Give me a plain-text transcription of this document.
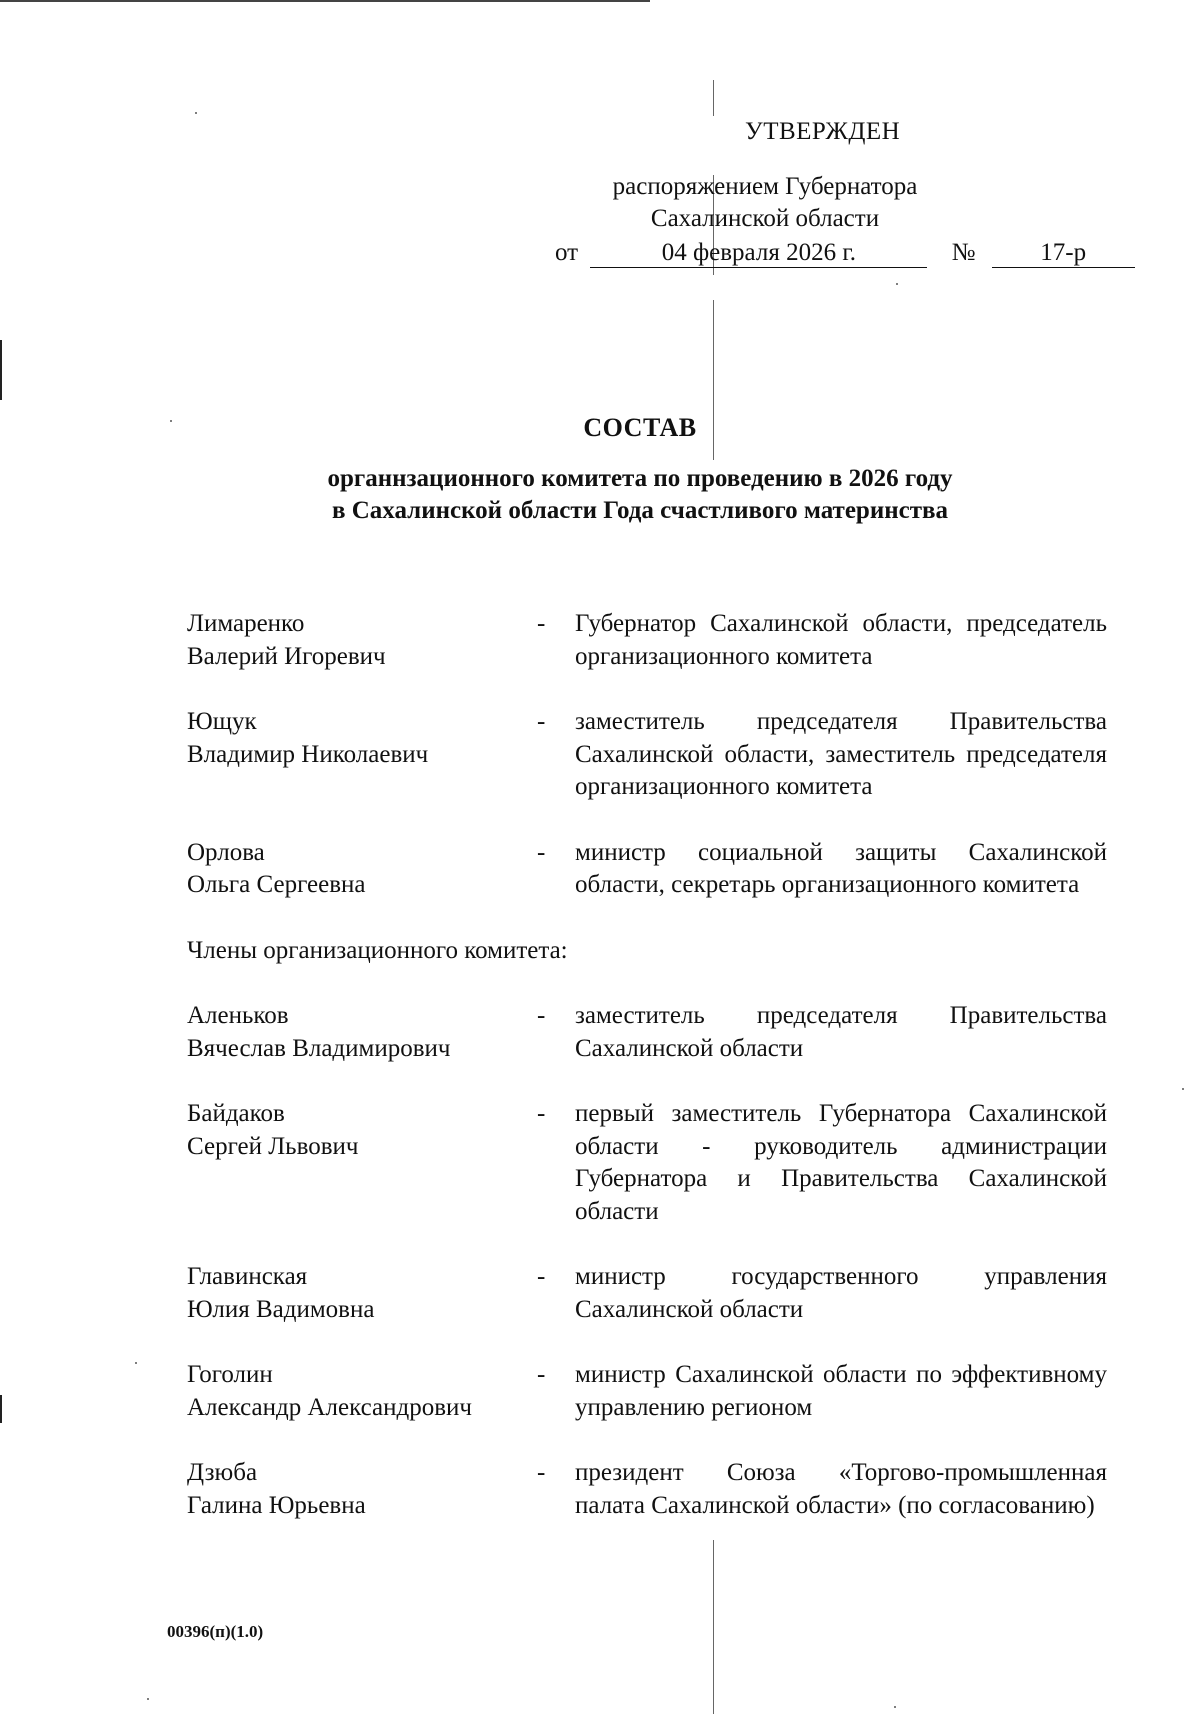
УТВЕРЖДЕН
распоряжением Губернатора
Сахалинской области
от	04 февраля 2026 г.	№	17-р
СОСТАВ
органнзационного комитета по проведению в 2026 году в Сахалинской области Года счастливого материнства
Лимаренко
Валерий Игоревич
-	Губернатор Сахалинской области, председатель организационного комитета
Ющук
Владимир Николаевич
-	заместитель председателя Правительства Сахалинской области, заместитель председателя организационного комитета
Орлова
Ольга Сергеевна
-	министр социальной защиты Сахалинской области, секретарь организационного комитета
Члены организационного комитета:
Аленьков
Вячеслав Владимирович
-	заместитель председателя Правительства Сахалинской области
Байдаков
Сергей Львович
-	первый заместитель Губернатора Сахалинской области - руководитель администрации Губернатора и Правительства Сахалинской области
Главинская
Юлия Вадимовна
-	министр государственного управления Сахалинской области
Гоголин
Александр Александрович
-	министр Сахалинской области по эффективному управлению регионом
Дзюба
Галина Юрьевна
-	президент Союза «Торгово-промышленная палата Сахалинской области» (по согласованию)
00396(п)(1.0)
